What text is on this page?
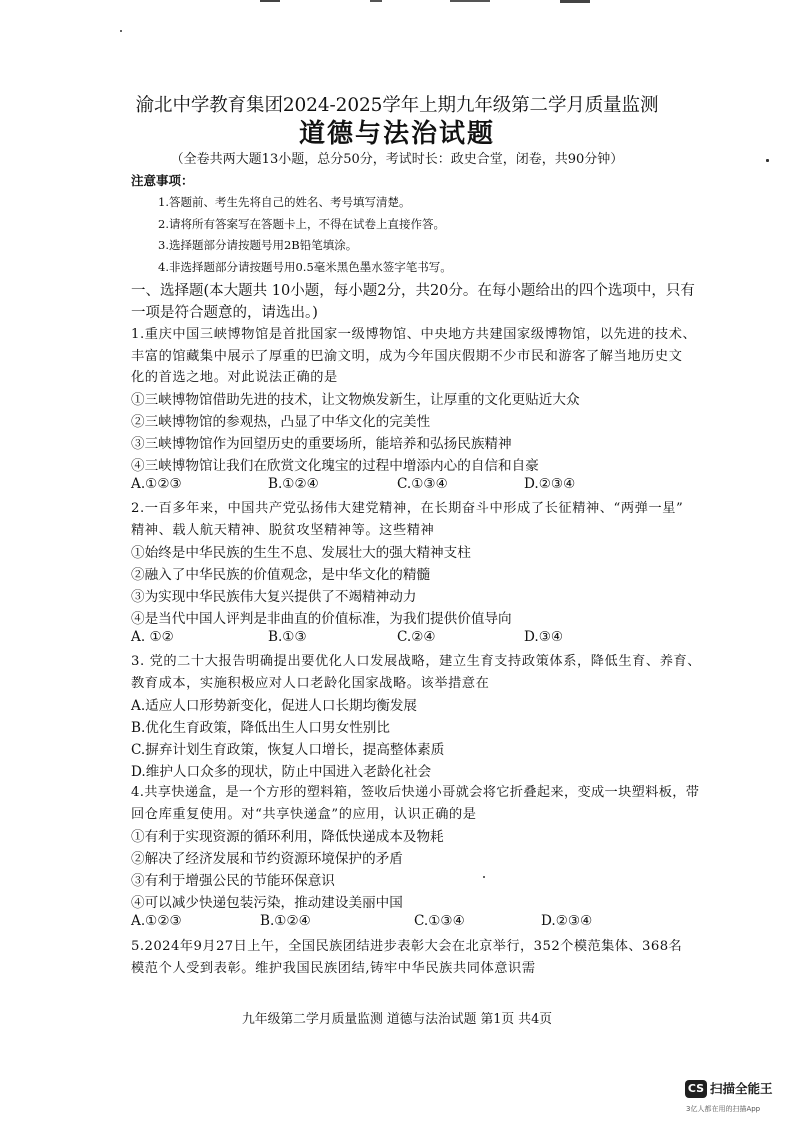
渝北中学教育集团2024-2025学年上期九年级第二学月质量监测
道德与法治试题
（全卷共两大题13小题，总分50分，考试时长：政史合堂，闭卷，共90分钟）
注意事项：
1.答题前、考生先将自己的姓名、考号填写清楚。
2.请将所有答案写在答题卡上，不得在试卷上直接作答。
3.选择题部分请按题号用2B铅笔填涂。
4.非选择题部分请按题号用0.5毫米黑色墨水签字笔书写。
一、选择题(本大题共 10小题，每小题2分，共20分。在每小题给出的四个选项中，只有
一项是符合题意的，请选出。)
1.重庆中国三峡博物馆是首批国家一级博物馆、中央地方共建国家级博物馆，以先进的技术、
丰富的馆藏集中展示了厚重的巴渝文明，成为今年国庆假期不少市民和游客了解当地历史文
化的首选之地。对此说法正确的是
①三峡博物馆借助先进的技术，让文物焕发新生，让厚重的文化更贴近大众
②三峡博物馆的参观热，凸显了中华文化的完美性
③三峡博物馆作为回望历史的重要场所，能培养和弘扬民族精神
④三峡博物馆让我们在欣赏文化瑰宝的过程中增添内心的自信和自豪
A.①②③	B.①②④	C.①③④	D.②③④
2.一百多年来，中国共产党弘扬伟大建党精神，在长期奋斗中形成了长征精神、“两弹一星”
精神、载人航天精神、脱贫攻坚精神等。这些精神
①始终是中华民族的生生不息、发展壮大的强大精神支柱
②融入了中华民族的价值观念，是中华文化的精髓
③为实现中华民族伟大复兴提供了不竭精神动力
④是当代中国人评判是非曲直的价值标准，为我们提供价值导向
A. ①②	B.①③	C.②④	D.③④
3. 党的二十大报告明确提出要优化人口发展战略，建立生育支持政策体系，降低生育、养育、
教育成本，实施积极应对人口老龄化国家战略。该举措意在
A.适应人口形势新变化，促进人口长期均衡发展
B.优化生育政策，降低出生人口男女性别比
C.摒弃计划生育政策，恢复人口增长，提高整体素质
D.维护人口众多的现状，防止中国进入老龄化社会
4.共享快递盒，是一个方形的塑料箱，签收后快递小哥就会将它折叠起来，变成一块塑料板，带
回仓库重复使用。对“共享快递盒”的应用，认识正确的是
①有利于实现资源的循环利用，降低快递成本及物耗
②解决了经济发展和节约资源环境保护的矛盾
③有利于增强公民的节能环保意识
④可以减少快递包装污染，推动建设美丽中国
A.①②③	B.①②④	C.①③④	D.②③④
5.2024年9月27日上午，全国民族团结进步表彰大会在北京举行，352个模范集体、368名
模范个人受到表彰。维护我国民族团结,铸牢中华民族共同体意识需
九年级第二学月质量监测 道德与法治试题 第1页 共4页
CS 扫描全能王
3亿人都在用的扫描App
